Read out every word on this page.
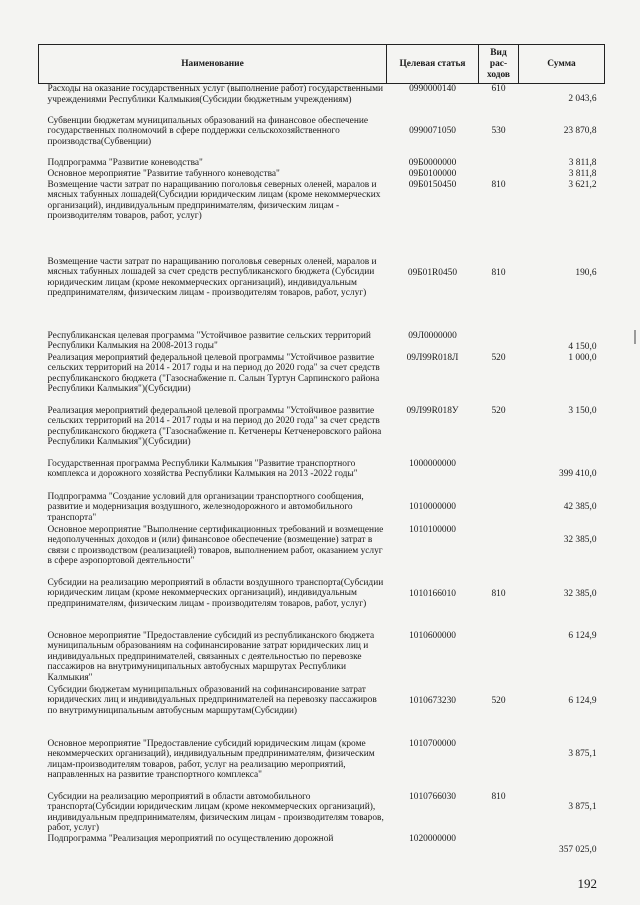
Наименование	Целевая статья	Вид
рас-
ходов	Сумма
Расходы на оказание государственных услуг (выполнение работ) государственными учреждениями Республики Калмыкия(Субсидии бюджетным учреждениям)	0990000140	610	2 043,6
Субвенции бюджетам муниципальных образований на финансовое обеспечение государственных полномочий в сфере поддержки сельскохозяйственного производства(Субвенции)	0990071050	530	23 870,8
Подпрограмма "Развитие коневодства"	09Б0000000		3 811,8
Основное мероприятие "Развитие табунного коневодства"	09Б0100000		3 811,8
Возмещение части затрат по наращиванию поголовья северных оленей, маралов и мясных табунных лошадей(Субсидии юридическим лицам (кроме некоммерческих организаций), индивидуальным предпринимателям, физическим лицам - производителям товаров, работ, услуг)	09Б0150450	810	3 621,2
Возмещение части затрат по наращиванию поголовья северных оленей, маралов и мясных табунных лошадей за счет средств республиканского бюджета (Субсидии юридическим лицам (кроме некоммерческих организаций), индивидуальным предпринимателям, физическим лицам - производителям товаров, работ, услуг)	09Б01R0450	810	190,6
Республиканская целевая программа "Устойчивое развитие сельских территорий Республики Калмыкия на 2008-2013 годы"	09Л0000000		4 150,0
Реализация мероприятий федеральной целевой программы "Устойчивое развитие сельских территорий на 2014 - 2017 годы и на период до 2020 года" за счет средств республиканского бюджета ("Газоснабжение п. Салын Туртун Сарпинского района Республики Калмыкия")(Субсидии)	09Л99R018Л	520	1 000,0
Реализация мероприятий федеральной целевой программы "Устойчивое развитие сельских территорий на 2014 - 2017 годы и на период до 2020 года" за счет средств республиканского бюджета ("Газоснабжение п. Кетченеры Кетченеровского района Республики Калмыкия")(Субсидии)	09Л99R018У	520	3 150,0
Государственная программа Республики Калмыкия "Развитие транспортного комплекса и дорожного хозяйства Республики Калмыкия на 2013 -2022 годы"	1000000000		399 410,0
Подпрограмма "Создание условий для организации транспортного сообщения, развитие и модернизация воздушного, железнодорожного и автомобильного транспорта"	1010000000		42 385,0
Основное мероприятие "Выполнение сертификационных требований и возмещение недополученных доходов и (или) финансовое обеспечение (возмещение) затрат в связи с производством (реализацией) товаров, выполнением работ, оказанием услуг в сфере аэропортовой деятельности"	1010100000		32 385,0
Субсидии на реализацию мероприятий в области воздушного транспорта(Субсидии юридическим лицам (кроме некоммерческих организаций), индивидуальным предпринимателям, физическим лицам - производителям товаров, работ, услуг)	1010166010	810	32 385,0
Основное мероприятие "Предоставление субсидий из республиканского бюджета муниципальным образованиям на софинансирование затрат юридических лиц и индивидуальных предпринимателей, связанных с деятельностью по перевозке пассажиров на внутримуниципальных автобусных маршрутах Республики Калмыкия"	1010600000		6 124,9
Субсидии бюджетам муниципальных образований на софинансирование затрат юридических лиц и индивидуальных предпринимателей на перевозку пассажиров по внутримуниципальным автобусным маршрутам(Субсидии)	1010673230	520	6 124,9
Основное мероприятие "Предоставление субсидий юридическим лицам (кроме некоммерческих организаций), индивидуальным предпринимателям, физическим лицам-производителям товаров, работ, услуг на реализацию мероприятий, направленных на развитие транспортного комплекса"	1010700000		3 875,1
Субсидии на реализацию мероприятий в области автомобильного транспорта(Субсидии юридическим лицам (кроме некоммерческих организаций), индивидуальным предпринимателям, физическим лицам - производителям товаров, работ, услуг)	1010766030	810	3 875,1
Подпрограмма "Реализация мероприятий по осуществлению дорожной	1020000000		357 025,0
192
